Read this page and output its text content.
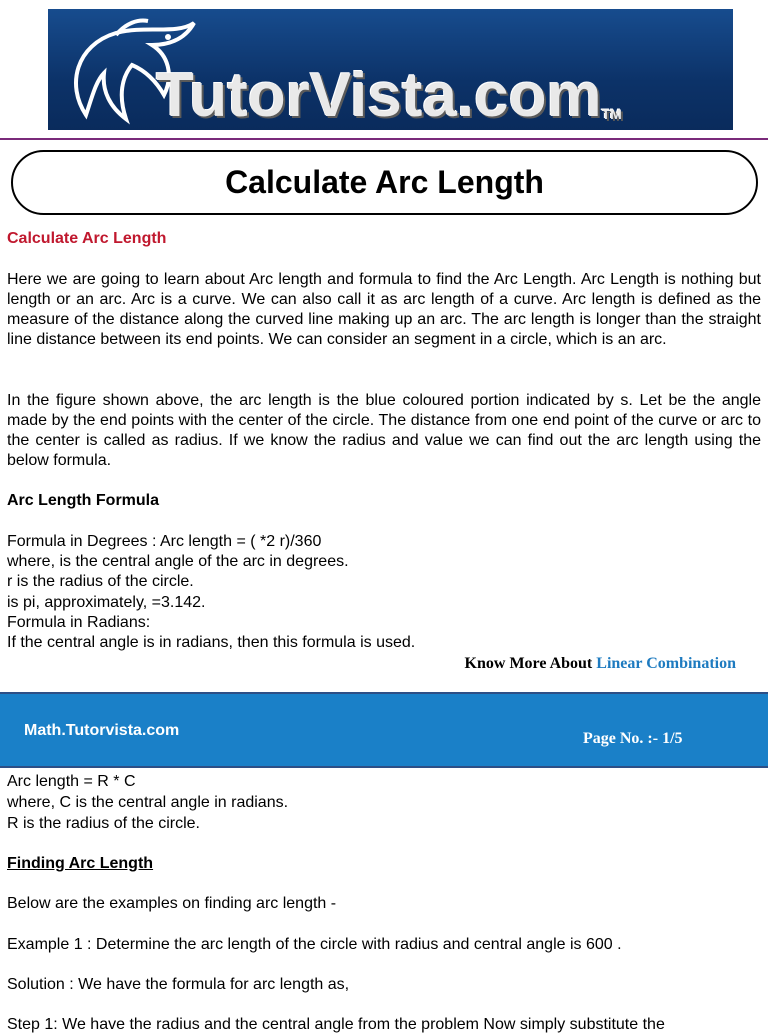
TutorVista.com™
Calculate Arc Length
Calculate Arc Length
Here we are going to learn about Arc length and formula to find the Arc Length. Arc Length is nothing but length or an arc. Arc is a curve. We can also call it as arc length of a curve. Arc length is defined as the measure of the distance along the curved line making up an arc. The arc length is longer than the straight line distance between its end points. We can consider an segment in a circle, which is an arc.
In the figure shown above, the arc length is the blue coloured portion indicated by s. Let be the angle made by the end points with the center of the circle. The distance from one end point of the curve or arc to the center is called as radius. If we know the radius and value we can find out the arc length using the below formula.
Arc Length Formula
Formula in Degrees : Arc length = ( *2 r)/360
where, is the central angle of the arc in degrees.
r is the radius of the circle.
is pi, approximately, =3.142.
Formula in Radians:
If the central angle is in radians, then this formula is used.
Know More About Linear Combination
Math.Tutorvista.com	Page No. :- 1/5
Arc length = R * C
where, C is the central angle in radians.
R is the radius of the circle.
Finding Arc Length
Below are the examples on finding arc length -
Example 1 : Determine the arc length of the circle with radius and central angle is 600 .
Solution : We have the formula for arc length as,
Step 1: We have the radius and the central angle from the problem Now simply substitute the
